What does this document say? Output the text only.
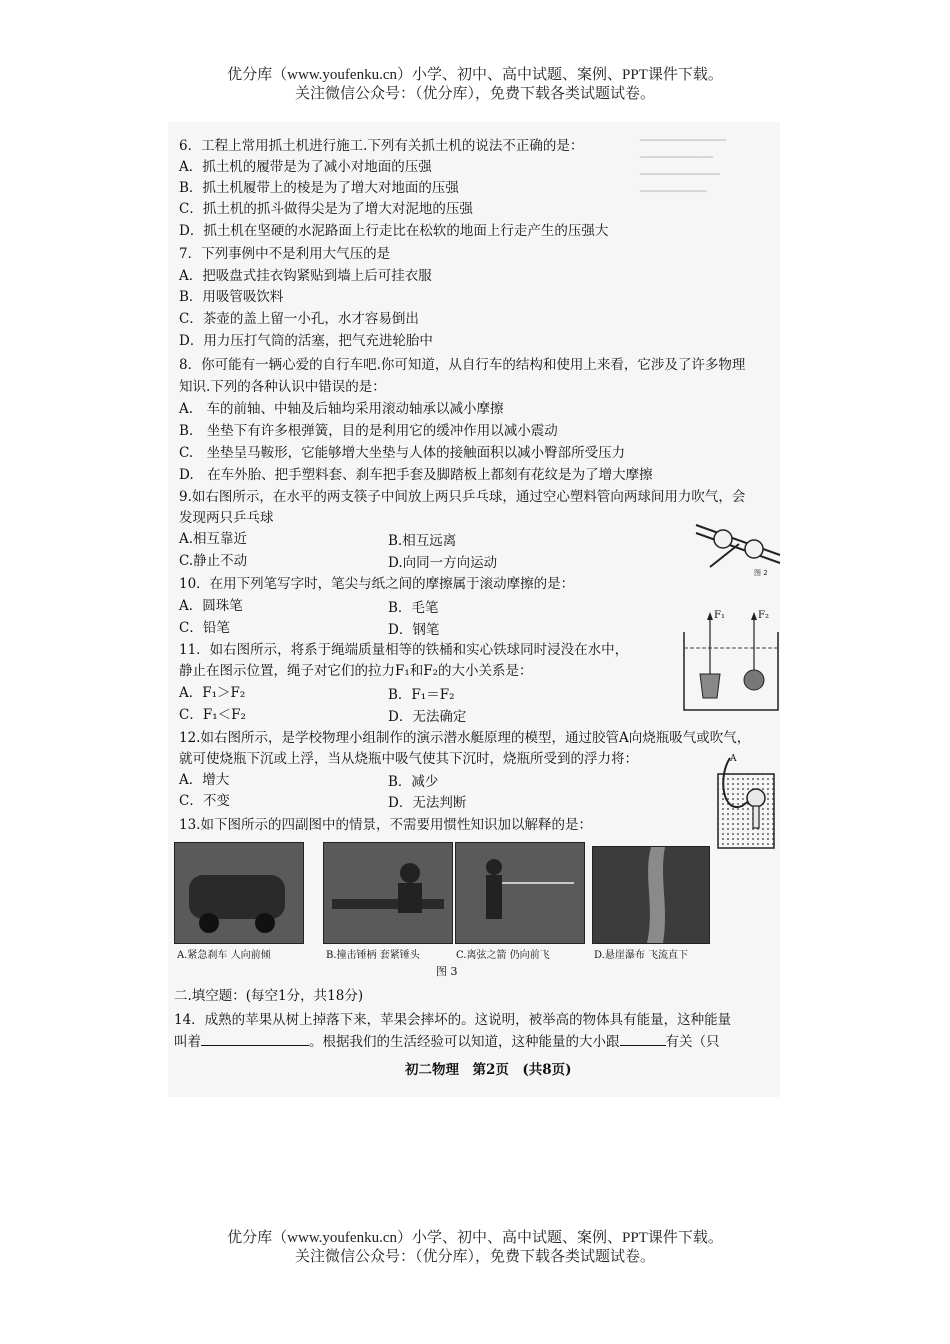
优分库（www.youfenku.cn）小学、初中、高中试题、案例、PPT课件下载。
关注微信公众号：（优分库），免费下载各类试题试卷。
━━━━━━━━━━━━━
━━━━━━━━━━━
━━━━━━━━━━━━
━━━━━━━━━━
6．工程上常用抓土机进行施工.下列有关抓土机的说法不正确的是：
A．抓土机的履带是为了减小对地面的压强
B．抓土机履带上的棱是为了增大对地面的压强
C．抓土机的抓斗做得尖是为了增大对泥地的压强
D．抓土机在坚硬的水泥路面上行走比在松软的地面上行走产生的压强大
7．下列事例中不是利用大气压的是
A．把吸盘式挂衣钩紧贴到墙上后可挂衣服
B．用吸管吸饮料
C．茶壶的盖上留一小孔，水才容易倒出
D．用力压打气筒的活塞，把气充进轮胎中
8．你可能有一辆心爱的自行车吧.你可知道，从自行车的结构和使用上来看，它涉及了许多物理
知识.下列的各种认识中错误的是：
A.　车的前轴、中轴及后轴均采用滚动轴承以减小摩擦
B.　坐垫下有许多根弹簧，目的是利用它的缓冲作用以减小震动
C.　坐垫呈马鞍形，它能够增大坐垫与人体的接触面积以减小臀部所受压力
D.　在车外胎、把手塑料套、刹车把手套及脚踏板上都刻有花纹是为了增大摩擦
9.如右图所示，在水平的两支筷子中间放上两只乒乓球，通过空心塑料管向两球间用力吹气，会
发现两只乒乓球
A.相互靠近	B.相互远离
C.静止不动	D.向同一方向运动
图 2
10．在用下列笔写字时，笔尖与纸之间的摩擦属于滚动摩擦的是：
A．圆珠笔	B．毛笔
C．铅笔	D．钢笔
11．如右图所示，将系于绳端质量相等的铁桶和实心铁球同时浸没在水中，
静止在图示位置，绳子对它们的拉力F₁和F₂的大小关系是：
A．F₁＞F₂	B．F₁＝F₂
C．F₁＜F₂	D．无法确定
F₁	F₂
12.如右图所示，是学校物理小组制作的演示潜水艇原理的模型，通过胶管A向烧瓶吸气或吹气，
就可使烧瓶下沉或上浮，当从烧瓶中吸气使其下沉时，烧瓶所受到的浮力将：
A．增大	B．减少
C．不变	D．无法判断
A
13.如下图所示的四副图中的情景，不需要用惯性知识加以解释的是：
A.紧急刹车 人向前倾	B.撞击锤柄 套紧锤头	C.离弦之箭 仍向前飞	D.悬崖瀑布 飞流直下
图 3
二.填空题：(每空1分，共18分)
14．成熟的苹果从树上掉落下来，苹果会摔坏的。这说明，被举高的物体具有能量，这种能量
叫着	。根据我们的生活经验可以知道，这种能量的大小跟	有关（只
初二物理　第2页　(共8页)
优分库（www.youfenku.cn）小学、初中、高中试题、案例、PPT课件下载。
关注微信公众号：（优分库），免费下载各类试题试卷。
